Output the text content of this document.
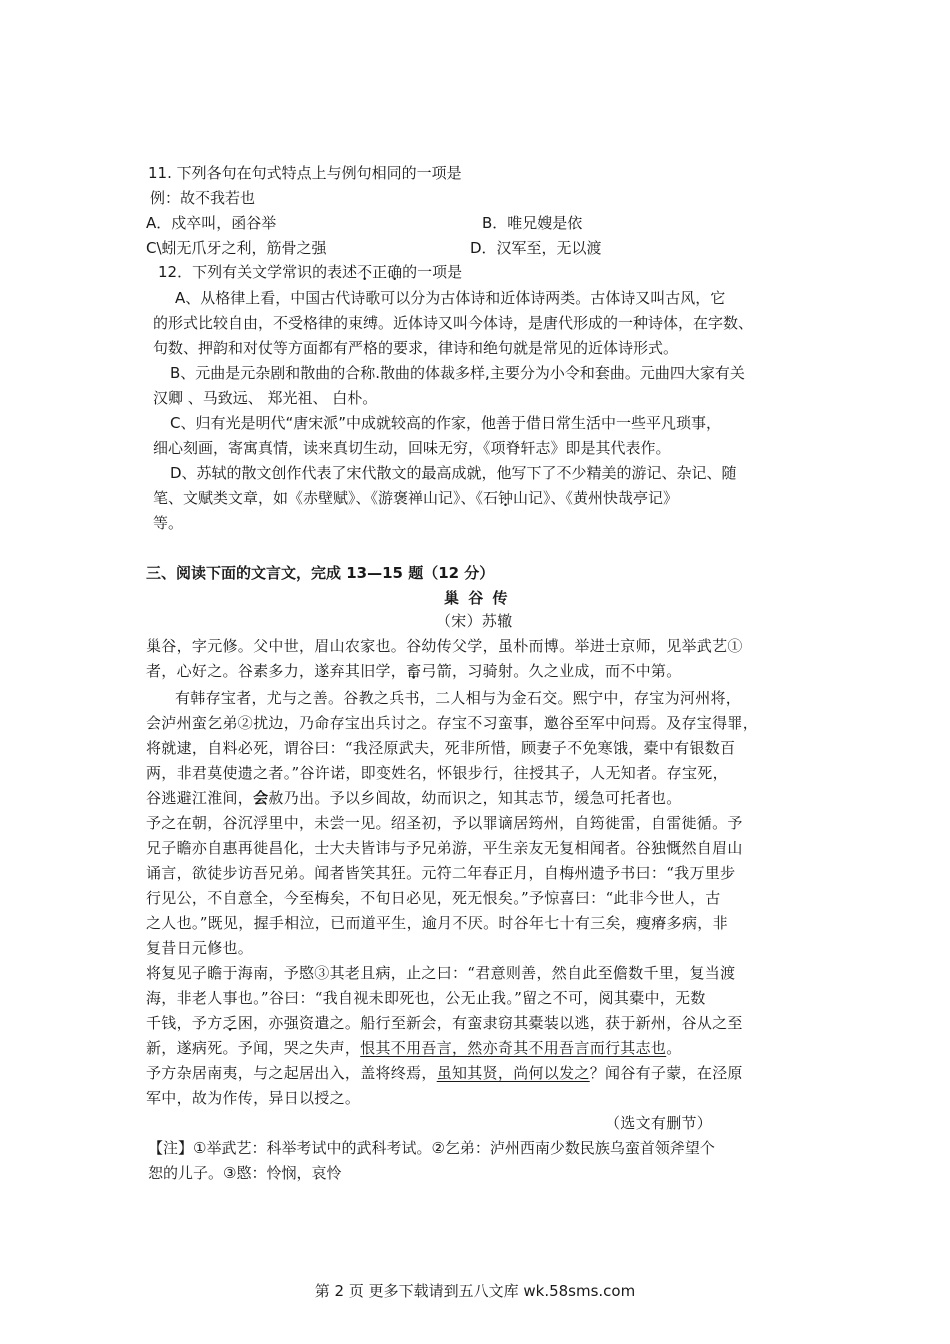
11. 下列各句在句式特点上与例句相同的一项是
例：故不我若也
A．戍卒叫，函谷举	B．唯兄嫂是依
C\蚓无爪牙之利，筋骨之强	D．汉军至，无以渡
12．下列有关文学常识的表述不正确的一项是
A、从格律上看，中国古代诗歌可以分为古体诗和近体诗两类。古体诗又叫古风，它
的形式比较自由，不受格律的束缚。近体诗又叫今体诗，是唐代形成的一种诗体，在字数、
句数、押韵和对仗等方面都有严格的要求，律诗和绝句就是常见的近体诗形式。
B、元曲是元杂剧和散曲的合称.散曲的体裁多样,主要分为小令和套曲。元曲四大家有关
汉卿 、马致远、 郑光祖、 白朴。
C、归有光是明代“唐宋派”中成就较高的作家，他善于借日常生活中一些平凡琐事，
细心刻画，寄寓真情，读来真切生动，回味无穷，《项脊轩志》即是其代表作。
D、苏轼的散文创作代表了宋代散文的最高成就，他写下了不少精美的游记、杂记、随
笔、文赋类文章，如《赤壁赋》、《游褒禅山记》、《石钟山记》、《黄州快哉亭记》
等。
三、阅读下面的文言文，完成 13—15 题（12 分）
巢 谷 传
（宋）苏辙
巢谷，字元修。父中世，眉山农家也。谷幼传父学，虽朴而博。举进士京师，见举武艺①
者，心好之。谷素多力，遂弃其旧学，畜弓箭，习骑射。久之业成，而不中第。
有韩存宝者，尤与之善。谷教之兵书，二人相与为金石交。熙宁中，存宝为河州将，
会泸州蛮乞弟②扰边，乃命存宝出兵讨之。存宝不习蛮事，邀谷至军中问焉。及存宝得罪，
将就逮，自料必死，谓谷曰：“我泾原武夫，死非所惜，顾妻子不免寒饿，橐中有银数百
两，非君莫使遗之者。”谷许诺，即变姓名，怀银步行，往授其子，人无知者。存宝死，
谷逃避江淮间，会赦乃出。予以乡闾故，幼而识之，知其志节，缓急可托者也。
予之在朝，谷沉浮里中，未尝一见。绍圣初，予以罪谪居筠州，自筠徙雷，自雷徙循。予
兄子瞻亦自惠再徙昌化，士大夫皆讳与予兄弟游，平生亲友无复相闻者。谷独慨然自眉山
诵言，欲徒步访吾兄弟。闻者皆笑其狂。元符二年春正月，自梅州遗予书曰：“我万里步
行见公，不自意全，今至梅矣，不旬日必见，死无恨矣。”予惊喜曰：“此非今世人，古
之人也。”既见，握手相泣，已而道平生，逾月不厌。时谷年七十有三矣，瘦瘠多病，非
复昔日元修也。
将复见子瞻于海南，予愍③其老且病，止之曰：“君意则善，然自此至儋数千里，复当渡
海，非老人事也。”谷曰：“我自视未即死也，公无止我。”留之不可，阅其橐中，无数
千钱，予方乏困，亦强资遣之。船行至新会，有蛮隶窃其橐装以逃，获于新州，谷从之至
新，遂病死。予闻，哭之失声，恨其不用吾言，然亦奇其不用吾言而行其志也。
予方杂居南夷，与之起居出入，盖将终焉，虽知其贤，尚何以发之？闻谷有子蒙，在泾原
军中，故为作传，异日以授之。
（选文有删节）
【注】①举武艺：科举考试中的武科考试。②乞弟：泸州西南少数民族乌蛮首领斧望个
恕的儿子。③愍：怜悯，哀怜
第 2 页 更多下载请到五八文库 wk.58sms.com
